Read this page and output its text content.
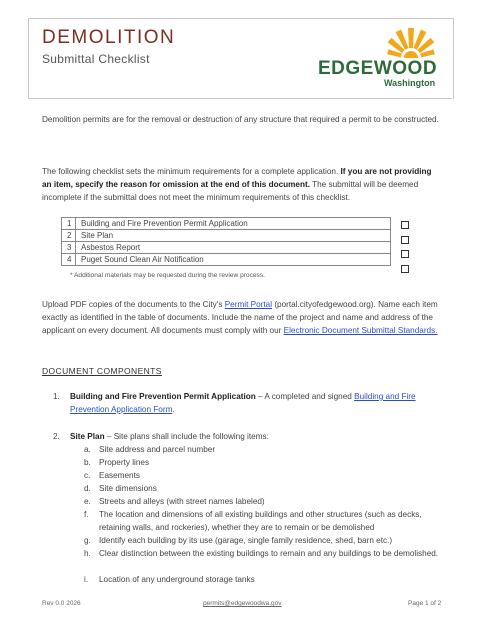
DEMOLITION
Submittal Checklist	EDGEWOOD
Washington
Demolition permits are for the removal or destruction of any structure that required a permit to be constructed.
The following checklist sets the minimum requirements for a complete application. If you are not providing an item, specify the reason for omission at the end of this document. The submittal will be deemed incomplete if the submittal does not meet the minimum requirements of this checklist.
1	Building and Fire Prevention Permit Application
2	Site Plan
3	Asbestos Report
4	Puget Sound Clean Air Notification
* Additional materials may be requested during the review process.
Upload PDF copies of the documents to the City's Permit Portal (portal.cityofedgewood.org). Name each item exactly as identified in the table of documents. Include the name of the project and name and address of the applicant on every document. All documents must comply with our Electronic Document Submittal Standards.
DOCUMENT COMPONENTS
1. Building and Fire Prevention Permit Application – A completed and signed Building and Fire Prevention Application Form.
2. Site Plan – Site plans shall include the following items:
a. Site address and parcel number
b. Property lines
c. Easements
d. Site dimensions
e. Streets and alleys (with street names labeled)
f. The location and dimensions of all existing buildings and other structures (such as decks, retaining walls, and rockeries), whether they are to remain or be demolished
g. Identify each building by its use (garage, single family residence, shed, barn etc.)
h. Clear distinction between the existing buildings to remain and any buildings to be demolished.
i. Location of any underground storage tanks
Rev 0.0 2026	permits@edgewoodwa.gov	Page 1 of 2
